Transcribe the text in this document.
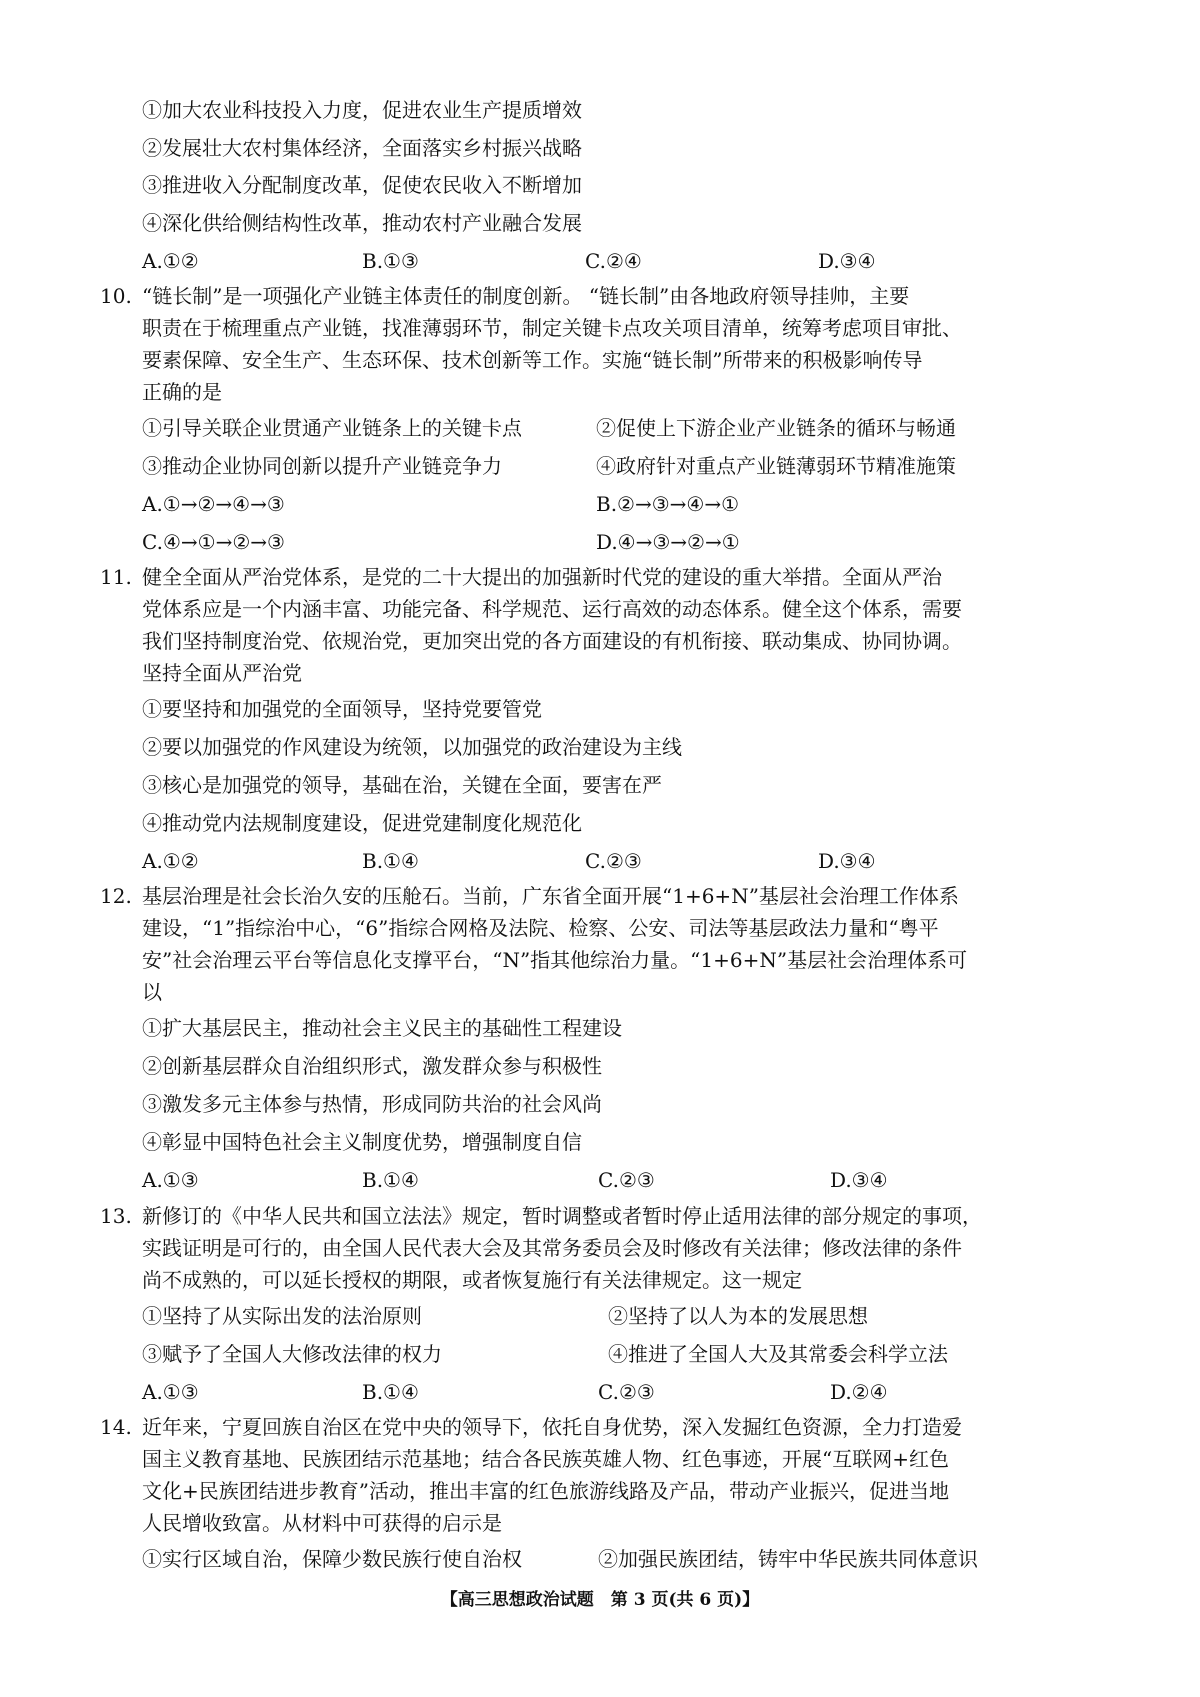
①加大农业科技投入力度，促进农业生产提质增效
②发展壮大农村集体经济，全面落实乡村振兴战略
③推进收入分配制度改革，促使农民收入不断增加
④深化供给侧结构性改革，推动农村产业融合发展
A.①②	B.①③	C.②④	D.③④
10. “链长制”是一项强化产业链主体责任的制度创新。 “链长制”由各地政府领导挂帅，主要
职责在于梳理重点产业链，找准薄弱环节，制定关键卡点攻关项目清单，统筹考虑项目审批、
要素保障、安全生产、生态环保、技术创新等工作。实施“链长制”所带来的积极影响传导
正确的是
①引导关联企业贯通产业链条上的关键卡点	②促使上下游企业产业链条的循环与畅通
③推动企业协同创新以提升产业链竞争力	④政府针对重点产业链薄弱环节精准施策
A.①→②→④→③	B.②→③→④→①
C.④→①→②→③	D.④→③→②→①
11. 健全全面从严治党体系，是党的二十大提出的加强新时代党的建设的重大举措。全面从严治
党体系应是一个内涵丰富、功能完备、科学规范、运行高效的动态体系。健全这个体系，需要
我们坚持制度治党、依规治党，更加突出党的各方面建设的有机衔接、联动集成、协同协调。
坚持全面从严治党
①要坚持和加强党的全面领导，坚持党要管党
②要以加强党的作风建设为统领，以加强党的政治建设为主线
③核心是加强党的领导，基础在治，关键在全面，要害在严
④推动党内法规制度建设，促进党建制度化规范化
A.①②	B.①④	C.②③	D.③④
12. 基层治理是社会长治久安的压舱石。当前，广东省全面开展“1+6+N”基层社会治理工作体系
建设，“1”指综治中心，“6”指综合网格及法院、检察、公安、司法等基层政法力量和“粤平
安”社会治理云平台等信息化支撑平台，“N”指其他综治力量。“1+6+N”基层社会治理体系可
以
①扩大基层民主，推动社会主义民主的基础性工程建设
②创新基层群众自治组织形式，激发群众参与积极性
③激发多元主体参与热情，形成同防共治的社会风尚
④彰显中国特色社会主义制度优势，增强制度自信
A.①③	B.①④	C.②③	D.③④
13. 新修订的《中华人民共和国立法法》规定，暂时调整或者暂时停止适用法律的部分规定的事项，
实践证明是可行的，由全国人民代表大会及其常务委员会及时修改有关法律；修改法律的条件
尚不成熟的，可以延长授权的期限，或者恢复施行有关法律规定。这一规定
①坚持了从实际出发的法治原则	②坚持了以人为本的发展思想
③赋予了全国人大修改法律的权力	④推进了全国人大及其常委会科学立法
A.①③	B.①④	C.②③	D.②④
14. 近年来，宁夏回族自治区在党中央的领导下，依托自身优势，深入发掘红色资源，全力打造爱
国主义教育基地、民族团结示范基地；结合各民族英雄人物、红色事迹，开展“互联网+红色
文化+民族团结进步教育”活动，推出丰富的红色旅游线路及产品，带动产业振兴，促进当地
人民增收致富。从材料中可获得的启示是
①实行区域自治，保障少数民族行使自治权	②加强民族团结，铸牢中华民族共同体意识
【高三思想政治试题　第 3 页(共 6 页)】
